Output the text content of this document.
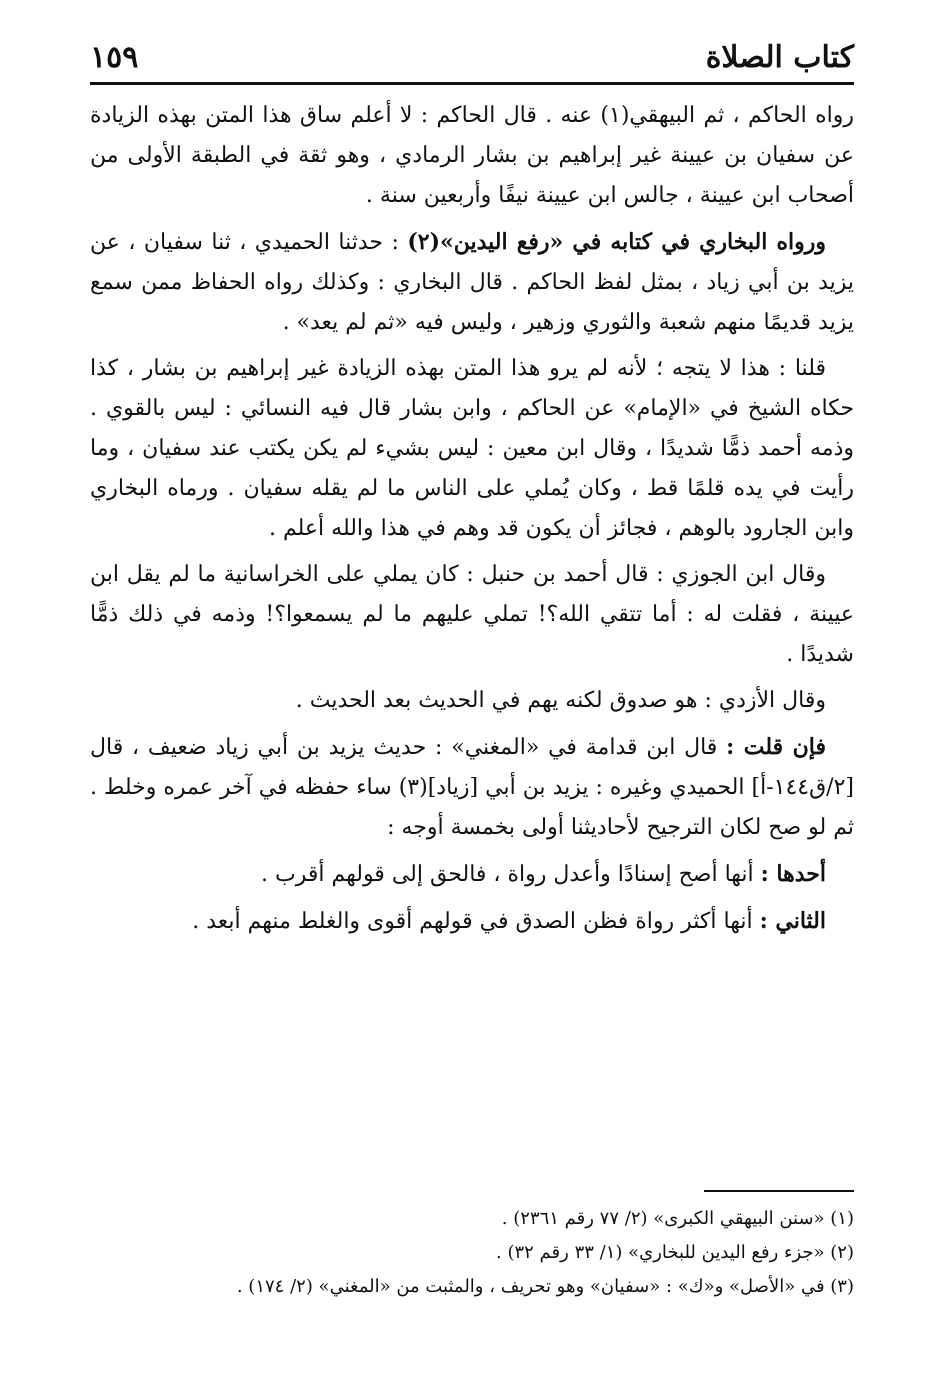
كتاب الصلاة
١٥٩

رواه الحاكم ، ثم البيهقي(١) عنه . قال الحاكم : لا أعلم ساق هذا المتن بهذه الزيادة عن سفيان بن عيينة غير إبراهيم بن بشار الرمادي ، وهو ثقة في الطبقة الأولى من أصحاب ابن عيينة ، جالس ابن عيينة نيفًا وأربعين سنة .

ورواه البخاري في كتابه في «رفع اليدين»(٢) : حدثنا الحميدي ، ثنا سفيان ، عن يزيد بن أبي زياد ، بمثل لفظ الحاكم . قال البخاري : وكذلك رواه الحفاظ ممن سمع يزيد قديمًا منهم شعبة والثوري وزهير ، وليس فيه «ثم لم يعد» .

قلنا : هذا لا يتجه ؛ لأنه لم يرو هذا المتن بهذه الزيادة غير إبراهيم بن بشار ، كذا حكاه الشيخ في «الإمام» عن الحاكم ، وابن بشار قال فيه النسائي : ليس بالقوي . وذمه أحمد ذمًّا شديدًا ، وقال ابن معين : ليس بشيء لم يكن يكتب عند سفيان ، وما رأيت في يده قلمًا قط ، وكان يُملي على الناس ما لم يقله سفيان . ورماه البخاري وابن الجارود بالوهم ، فجائز أن يكون قد وهم في هذا والله أعلم .

وقال ابن الجوزي : قال أحمد بن حنبل : كان يملي على الخراسانية ما لم يقل ابن عيينة ، فقلت له : أما تتقي الله؟! تملي عليهم ما لم يسمعوا؟! وذمه في ذلك ذمًّا شديدًا .

وقال الأزدي : هو صدوق لكنه يهم في الحديث بعد الحديث .

فإن قلت : قال ابن قدامة في «المغني» : حديث يزيد بن أبي زياد ضعيف ، قال [٢/ق١٤٤-أ] الحميدي وغيره : يزيد بن أبي [زياد](٣) ساء حفظه في آخر عمره وخلط . ثم لو صح لكان الترجيح لأحاديثنا أولى بخمسة أوجه :

أحدها : أنها أصح إسنادًا وأعدل رواة ، فالحق إلى قولهم أقرب .

الثاني : أنها أكثر رواة فظن الصدق في قولهم أقوى والغلط منهم أبعد .

(١) «سنن البيهقي الكبرى» (٢/ ٧٧ رقم ٢٣٦١) .

(٢) «جزء رفع اليدين للبخاري» (١/ ٣٣ رقم ٣٢) .

(٣) في «الأصل» و«ك» : «سفيان» وهو تحريف ، والمثبت من «المغني» (٢/ ١٧٤) .
